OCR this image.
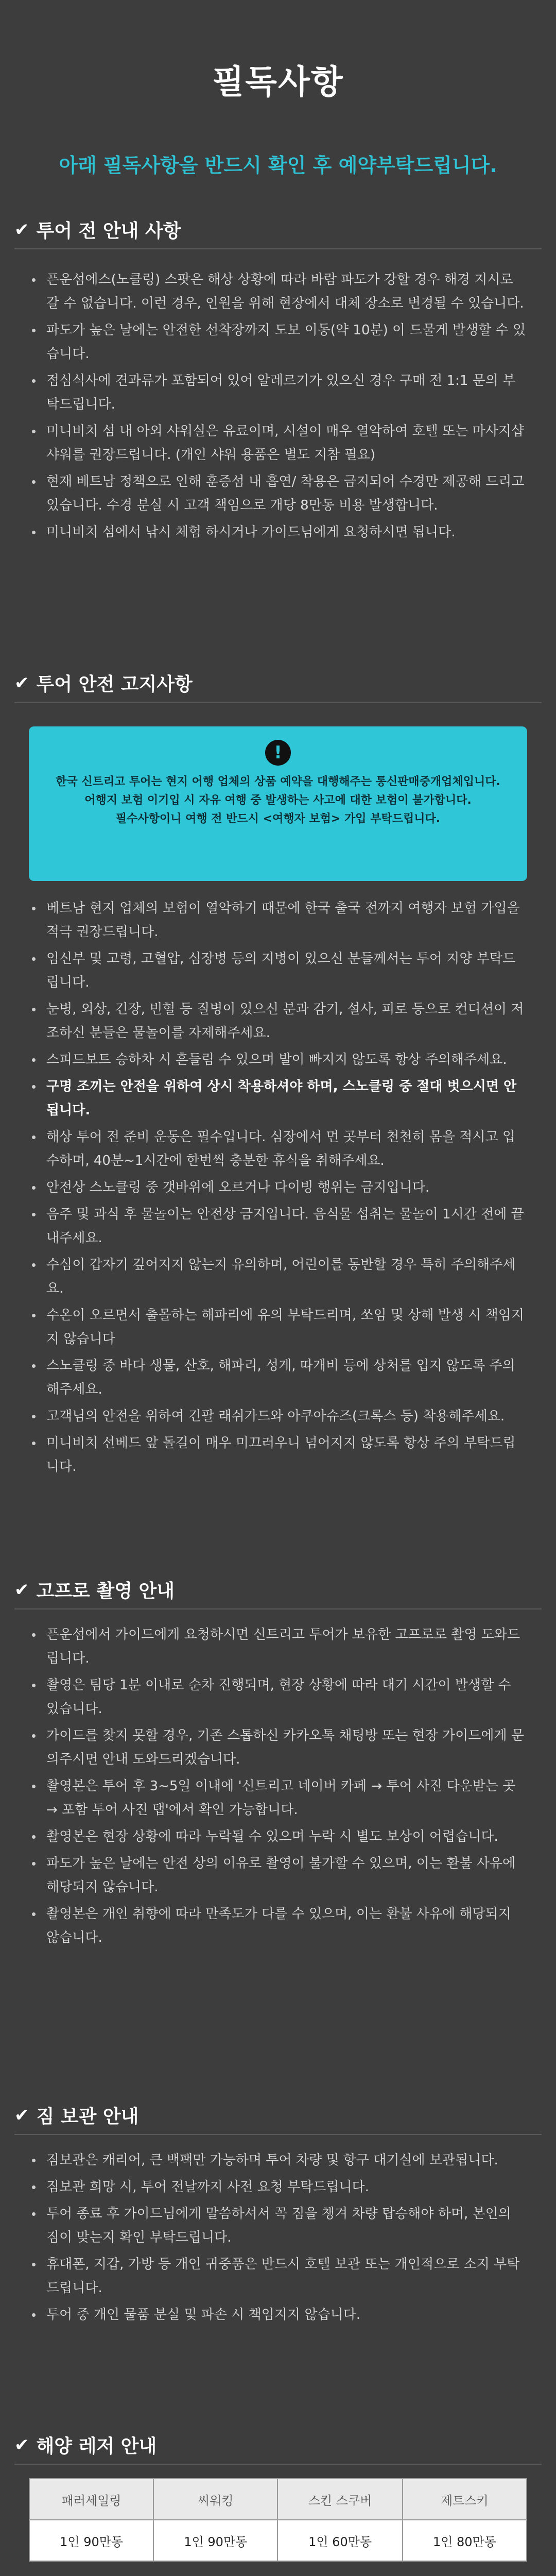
필독사항
아래 필독사항을 반드시 확인 후 예약부탁드립니다.
✔ 투어 전 안내 사항
픈운섬에스(노클링) 스팟은 해상 상황에 따라 바람 파도가 강할 경우 해경 지시로 갈 수 없습니다. 이런 경우, 인원을 위해 현장에서 대체 장소로 변경될 수 있습니다.
파도가 높은 날에는 안전한 선착장까지 도보 이동(약 10분) 이 드물게 발생할 수 있습니다.
점심식사에 견과류가 포함되어 있어 알레르기가 있으신 경우 구매 전 1:1 문의 부탁드립니다.
미니비치 섬 내 아외 샤워실은 유료이며, 시설이 매우 열악하여 호텔 또는 마사지샵 샤워를 권장드립니다. (개인 샤워 용품은 별도 지참 필요)
현재 베트남 정책으로 인해 훈증섬 내 흡연/ 착용은 금지되어 수경만 제공해 드리고 있습니다. 수경 분실 시 고객 책임으로 개당 8만동 비용 발생합니다.
미니비치 섬에서 낚시 체험 하시거나 가이드님에게 요청하시면 됩니다.
✔ 투어 안전 고지사항
!
한국 신트리고 투어는 현지 어행 업체의 상품 예약을 대행해주는 통신판매중개업체입니다.
어행지 보험 이기입 시 자유 여행 중 발생하는 사고에 대한 보험이 불가합니다.
필수사항이니 여행 전 반드시 <여행자 보험> 가입 부탁드립니다.
베트남 현지 업체의 보험이 열악하기 때문에 한국 출국 전까지 여행자 보험 가입을 적극 권장드립니다.
임신부 및 고령, 고혈압, 심장병 등의 지병이 있으신 분들께서는 투어 지양 부탁드립니다.
눈병, 외상, 긴장, 빈혈 등 질병이 있으신 분과 감기, 설사, 피로 등으로 컨디션이 저조하신 분들은 물놀이를 자제해주세요.
스피드보트 승하차 시 흔들림 수 있으며 발이 빠지지 않도록 항상 주의해주세요.
구명 조끼는 안전을 위하여 상시 착용하셔야 하며, 스노클링 중 절대 벗으시면 안됩니다.
해상 투어 전 준비 운동은 필수입니다. 심장에서 먼 곳부터 천천히 몸을 적시고 입수하며, 40분~1시간에 한번씩 충분한 휴식을 취해주세요.
안전상 스노클링 중 갯바위에 오르거나 다이빙 행위는 금지입니다.
음주 및 과식 후 물놀이는 안전상 금지입니다. 음식물 섭취는 물놀이 1시간 전에 끝내주세요.
수심이 갑자기 깊어지지 않는지 유의하며, 어린이를 동반할 경우 특히 주의해주세요.
수온이 오르면서 출몰하는 해파리에 유의 부탁드리며, 쏘임 및 상해 발생 시 책임지지 않습니다
스노클링 중 바다 생물, 산호, 해파리, 성게, 따개비 등에 상처를 입지 않도록 주의해주세요.
고객님의 안전을 위하여 긴팔 래쉬가드와 아쿠아슈즈(크록스 등) 착용해주세요.
미니비치 선베드 앞 돌길이 매우 미끄러우니 넘어지지 않도록 항상 주의 부탁드립니다.
✔ 고프로 촬영 안내
픈운섬에서 가이드에게 요청하시면 신트리고 투어가 보유한 고프로로 촬영 도와드립니다.
촬영은 팀당 1분 이내로 순차 진행되며, 현장 상황에 따라 대기 시간이 발생할 수 있습니다.
가이드를 찾지 못할 경우, 기존 스톱하신 카카오톡 채팅방 또는 현장 가이드에게 문의주시면 안내 도와드리겠습니다.
촬영본은 투어 후 3~5일 이내에 '신트리고 네이버 카페 → 투어 사진 다운받는 곳 → 포함 투어 사진 탭'에서 확인 가능합니다.
촬영본은 현장 상황에 따라 누락될 수 있으며 누락 시 별도 보상이 어렵습니다.
파도가 높은 날에는 안전 상의 이유로 촬영이 불가할 수 있으며, 이는 환불 사유에 해당되지 않습니다.
촬영본은 개인 취향에 따라 만족도가 다를 수 있으며, 이는 환불 사유에 해당되지 않습니다.
✔ 짐 보관 안내
짐보관은 캐리어, 큰 백팩만 가능하며 투어 차량 및 항구 대기실에 보관됩니다.
짐보관 희망 시, 투어 전날까지 사전 요청 부탁드립니다.
투어 종료 후 가이드님에게 말씀하셔서 꼭 짐을 챙겨 차량 탑승해야 하며, 본인의 짐이 맞는지 확인 부탁드립니다.
휴대폰, 지갑, 가방 등 개인 귀중품은 반드시 호텔 보관 또는 개인적으로 소지 부탁드립니다.
투어 중 개인 물품 분실 및 파손 시 책임지지 않습니다.
✔ 해양 레저 안내
패러세일링	씨워킹	스킨 스쿠버	제트스키
1인 90만동	1인 90만동	1인 60만동	1인 80만동
